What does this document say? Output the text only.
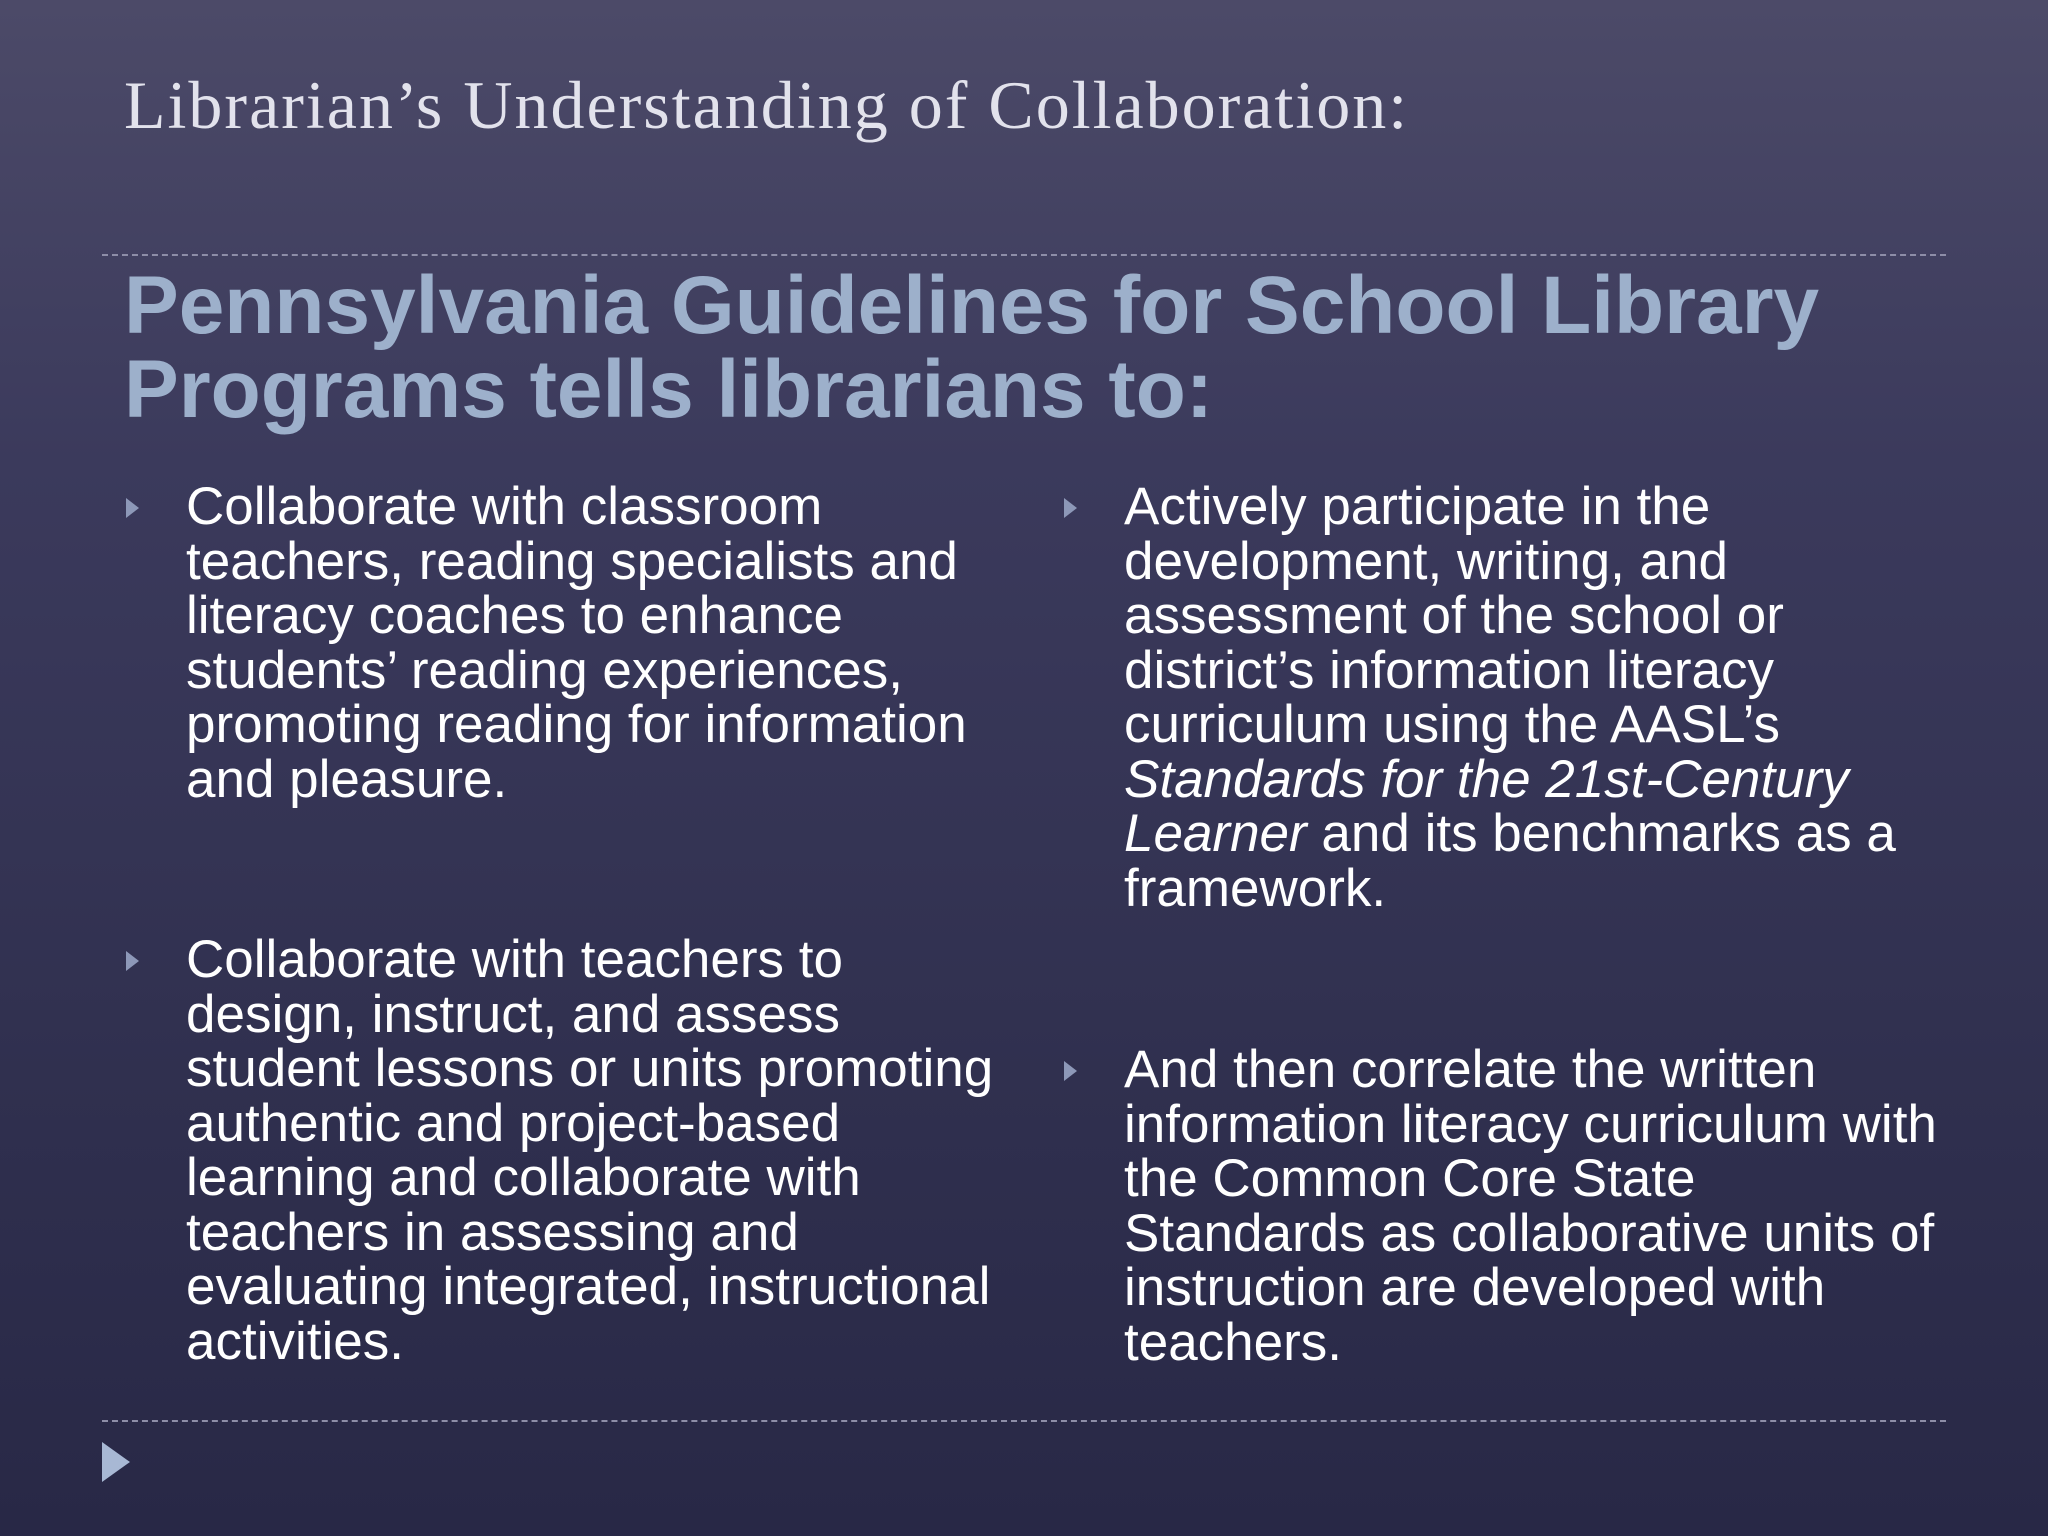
Librarian’s Understanding of Collaboration:
Pennsylvania Guidelines for School Library Programs tells librarians to:
Collaborate with classroom teachers, reading specialists and literacy coaches to enhance students’ reading experiences, promoting reading for information and pleasure.
Collaborate with teachers to design, instruct, and assess student lessons or units promoting authentic and project-based learning and collaborate with teachers in assessing and evaluating integrated, instructional activities.
Actively participate in the development, writing, and assessment of the school or district’s information literacy curriculum using the AASL’s Standards for the 21st-Century Learner and its benchmarks as a framework.
And then correlate the written information literacy curriculum with the Common Core State Standards as collaborative units of instruction are developed with teachers.
